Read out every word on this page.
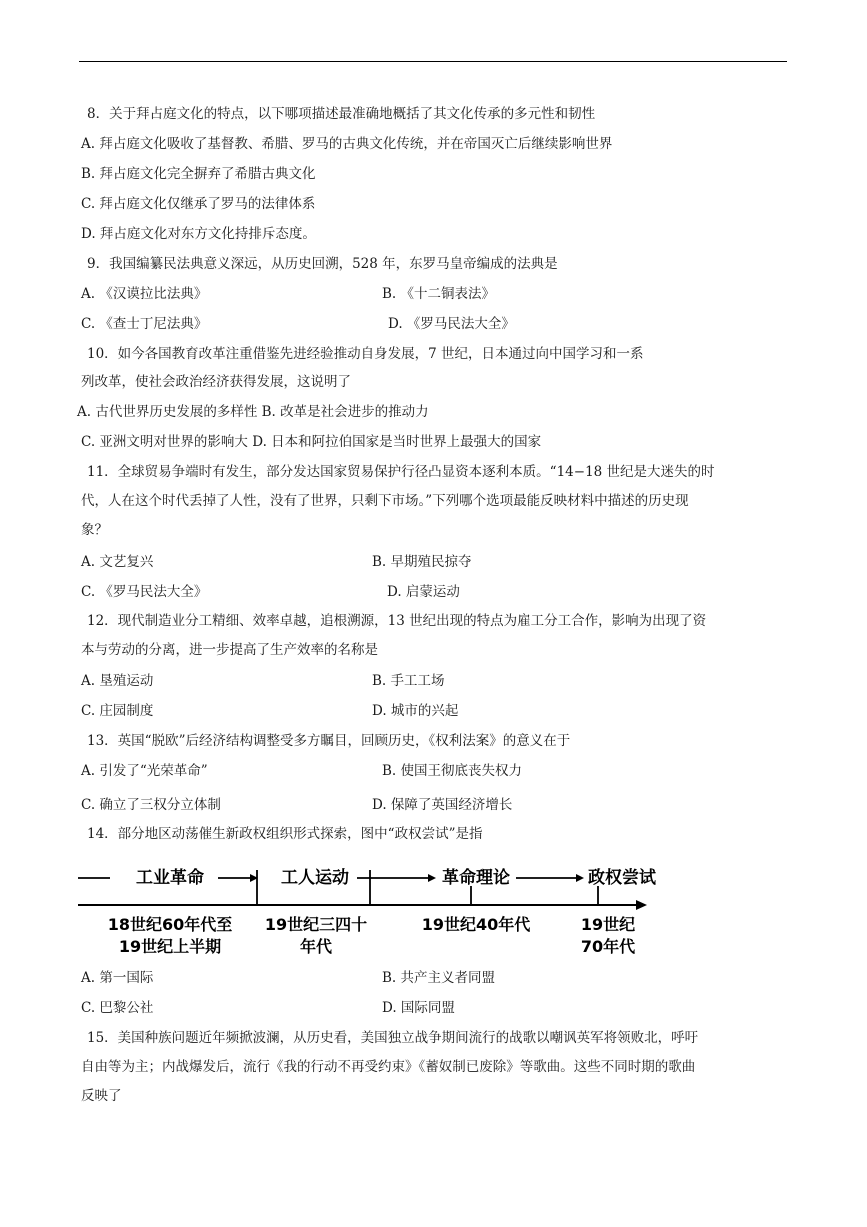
8．关于拜占庭文化的特点，以下哪项描述最准确地概括了其文化传承的多元性和韧性
A. 拜占庭文化吸收了基督教、希腊、罗马的古典文化传统，并在帝国灭亡后继续影响世界
B. 拜占庭文化完全摒弃了希腊古典文化
C. 拜占庭文化仅继承了罗马的法律体系
D. 拜占庭文化对东方文化持排斥态度。
9．我国编纂民法典意义深远，从历史回溯，528 年，东罗马皇帝编成的法典是
A. 《汉谟拉比法典》	B. 《十二铜表法》
C. 《查士丁尼法典》	D. 《罗马民法大全》
10．如今各国教育改革注重借鉴先进经验推动自身发展，7 世纪，日本通过向中国学习和一系
列改革，使社会政治经济获得发展，这说明了
A. 古代世界历史发展的多样性 B. 改革是社会进步的推动力
C. 亚洲文明对世界的影响大 D. 日本和阿拉伯国家是当时世界上最强大的国家
11．全球贸易争端时有发生，部分发达国家贸易保护行径凸显资本逐利本质。“14−18 世纪是大迷失的时
代，人在这个时代丢掉了人性，没有了世界，只剩下市场。”下列哪个选项最能反映材料中描述的历史现
象？
A. 文艺复兴	B. 早期殖民掠夺
C. 《罗马民法大全》	D. 启蒙运动
12．现代制造业分工精细、效率卓越，追根溯源，13 世纪出现的特点为雇工分工合作，影响为出现了资
本与劳动的分离，进一步提高了生产效率的名称是
A. 垦殖运动	B. 手工工场
C. 庄园制度	D. 城市的兴起
13．英国“脱欧”后经济结构调整受多方瞩目，回顾历史，《权利法案》的意义在于
A. 引发了“光荣革命”	B. 使国王彻底丧失权力
C. 确立了三权分立体制	D. 保障了英国经济增长
14．部分地区动荡催生新政权组织形式探索，图中“政权尝试”是指
工业革命	工人运动	革命理论	政权尝试
18世纪60年代至
19世纪上半期
19世纪三四十
年代
19世纪40年代	19世纪
70年代
A. 第一国际	B. 共产主义者同盟
C. 巴黎公社	D. 国际同盟
15．美国种族问题近年频掀波澜，从历史看，美国独立战争期间流行的战歌以嘲讽英军将领败北，呼吁
自由等为主；内战爆发后，流行《我的行动不再受约束》《蓄奴制已废除》等歌曲。这些不同时期的歌曲
反映了
